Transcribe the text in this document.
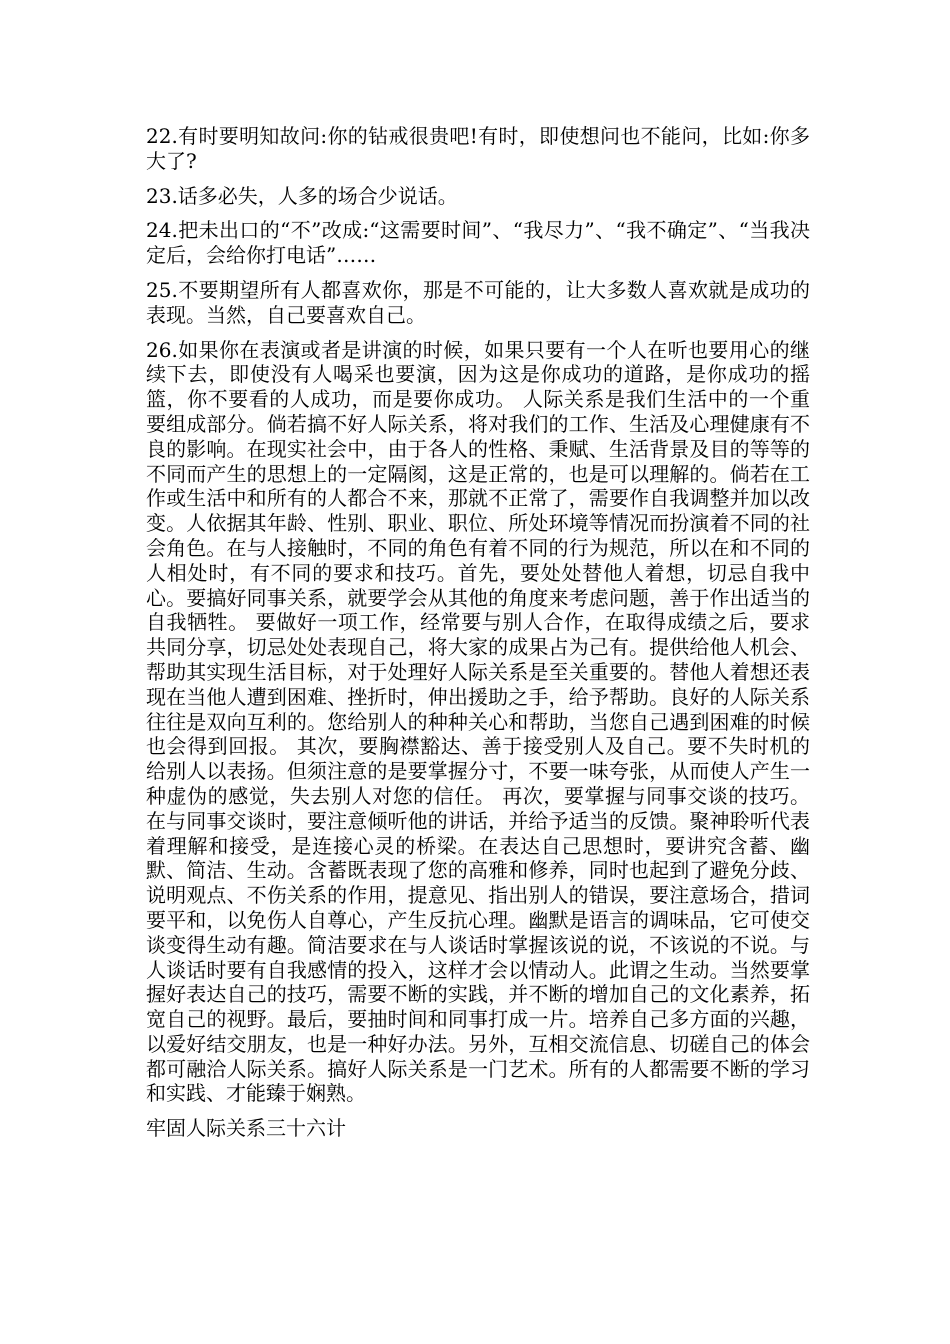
22.有时要明知故问:你的钻戒很贵吧!有时，即使想问也不能问，比如:你多大了?

23.话多必失，人多的场合少说话。

24.把未出口的“不”改成:“这需要时间”、“我尽力”、“我不确定”、“当我决定后，会给你打电话”……

25.不要期望所有人都喜欢你，那是不可能的，让大多数人喜欢就是成功的表现。当然，自己要喜欢自己。

26.如果你在表演或者是讲演的时候，如果只要有一个人在听也要用心的继续下去，即使没有人喝采也要演，因为这是你成功的道路，是你成功的摇篮，你不要看的人成功，而是要你成功。 人际关系是我们生活中的一个重要组成部分。倘若搞不好人际关系，将对我们的工作、生活及心理健康有不良的影响。在现实社会中，由于各人的性格、秉赋、生活背景及目的等等的不同而产生的思想上的一定隔阂，这是正常的，也是可以理解的。倘若在工作或生活中和所有的人都合不来，那就不正常了，需要作自我调整并加以改变。人依据其年龄、性别、职业、职位、所处环境等情况而扮演着不同的社会角色。在与人接触时，不同的角色有着不同的行为规范，所以在和不同的人相处时，有不同的要求和技巧。首先，要处处替他人着想，切忌自我中心。要搞好同事关系，就要学会从其他的角度来考虑问题，善于作出适当的自我牺牲。 要做好一项工作，经常要与别人合作，在取得成绩之后，要求共同分享，切忌处处表现自己，将大家的成果占为己有。提供给他人机会、帮助其实现生活目标，对于处理好人际关系是至关重要的。替他人着想还表现在当他人遭到困难、挫折时，伸出援助之手，给予帮助。良好的人际关系往往是双向互利的。您给别人的种种关心和帮助，当您自己遇到困难的时候也会得到回报。 其次，要胸襟豁达、善于接受别人及自己。要不失时机的给别人以表扬。但须注意的是要掌握分寸，不要一味夸张，从而使人产生一种虚伪的感觉，失去别人对您的信任。 再次，要掌握与同事交谈的技巧。在与同事交谈时，要注意倾听他的讲话，并给予适当的反馈。聚神聆听代表着理解和接受，是连接心灵的桥梁。在表达自己思想时，要讲究含蓄、幽默、简洁、生动。含蓄既表现了您的高雅和修养，同时也起到了避免分歧、说明观点、不伤关系的作用，提意见、指出别人的错误，要注意场合，措词要平和，以免伤人自尊心，产生反抗心理。幽默是语言的调味品，它可使交谈变得生动有趣。简洁要求在与人谈话时掌握该说的说，不该说的不说。与人谈话时要有自我感情的投入，这样才会以情动人。此谓之生动。当然要掌握好表达自己的技巧，需要不断的实践，并不断的增加自己的文化素养，拓宽自己的视野。最后，要抽时间和同事打成一片。培养自己多方面的兴趣，以爱好结交朋友，也是一种好办法。另外，互相交流信息、切磋自己的体会都可融洽人际关系。搞好人际关系是一门艺术。所有的人都需要不断的学习和实践、才能臻于娴熟。

牢固人际关系三十六计
